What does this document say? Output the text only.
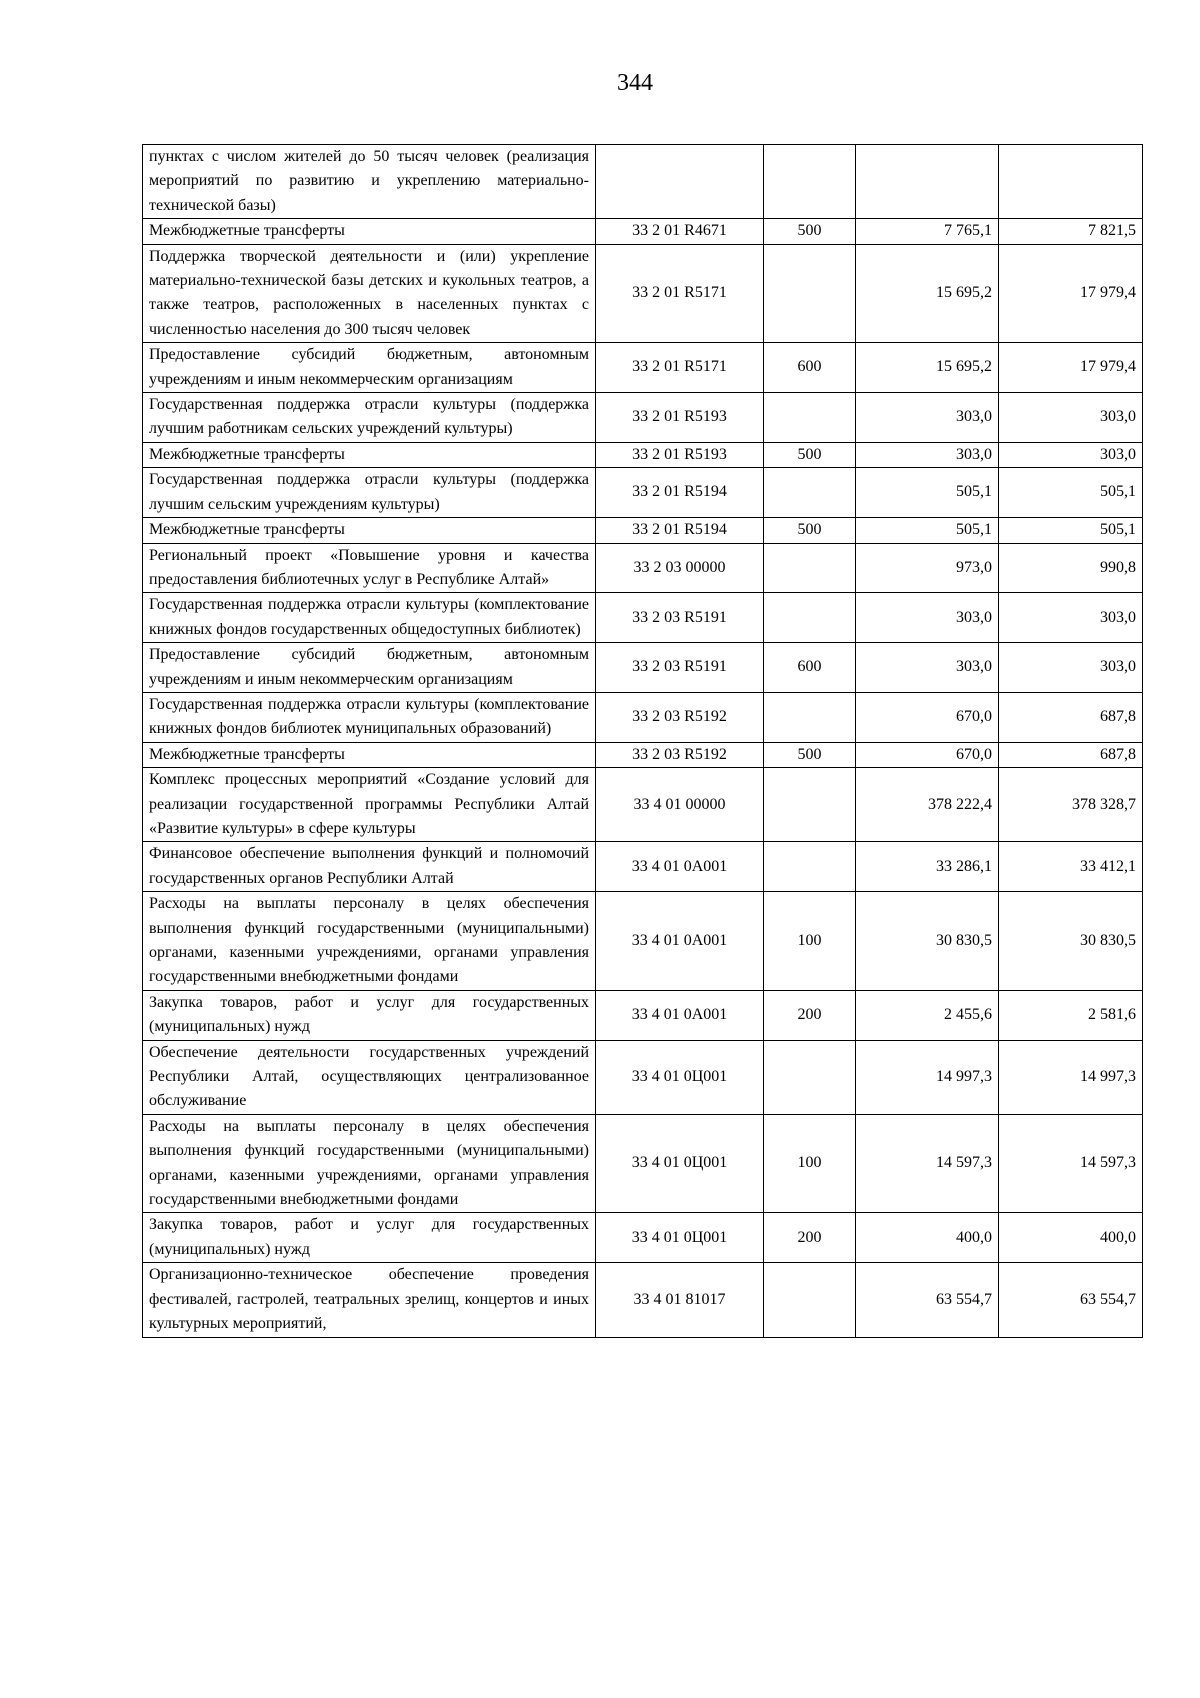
344
пунктах с числом жителей до 50 тысяч человек (реализация мероприятий по развитию и укреплению материально-технической базы)				
Межбюджетные трансферты	33 2 01 R4671	500	7 765,1	7 821,5
Поддержка творческой деятельности и (или) укрепление материально-технической базы детских и кукольных театров, а также театров, расположенных в населенных пунктах с численностью населения до 300 тысяч человек	33 2 01 R5171		15 695,2	17 979,4
Предоставление субсидий бюджетным, автономным учреждениям и иным некоммерческим организациям	33 2 01 R5171	600	15 695,2	17 979,4
Государственная поддержка отрасли культуры (поддержка лучшим работникам сельских учреждений культуры)	33 2 01 R5193		303,0	303,0
Межбюджетные трансферты	33 2 01 R5193	500	303,0	303,0
Государственная поддержка отрасли культуры (поддержка лучшим сельским учреждениям культуры)	33 2 01 R5194		505,1	505,1
Межбюджетные трансферты	33 2 01 R5194	500	505,1	505,1
Региональный проект «Повышение уровня и качества предоставления библиотечных услуг в Республике Алтай»	33 2 03 00000		973,0	990,8
Государственная поддержка отрасли культуры (комплектование книжных фондов государственных общедоступных библиотек)	33 2 03 R5191		303,0	303,0
Предоставление субсидий бюджетным, автономным учреждениям и иным некоммерческим организациям	33 2 03 R5191	600	303,0	303,0
Государственная поддержка отрасли культуры (комплектование книжных фондов библиотек муниципальных образований)	33 2 03 R5192		670,0	687,8
Межбюджетные трансферты	33 2 03 R5192	500	670,0	687,8
Комплекс процессных мероприятий «Создание условий для реализации государственной программы Республики Алтай «Развитие культуры» в сфере культуры	33 4 01 00000		378 222,4	378 328,7
Финансовое обеспечение выполнения функций и полномочий государственных органов Республики Алтай	33 4 01 0А001		33 286,1	33 412,1
Расходы на выплаты персоналу в целях обеспечения выполнения функций государственными (муниципальными) органами, казенными учреждениями, органами управления государственными внебюджетными фондами	33 4 01 0А001	100	30 830,5	30 830,5
Закупка товаров, работ и услуг для государственных (муниципальных) нужд	33 4 01 0А001	200	2 455,6	2 581,6
Обеспечение деятельности государственных учреждений Республики Алтай, осуществляющих централизованное обслуживание	33 4 01 0Ц001		14 997,3	14 997,3
Расходы на выплаты персоналу в целях обеспечения выполнения функций государственными (муниципальными) органами, казенными учреждениями, органами управления государственными внебюджетными фондами	33 4 01 0Ц001	100	14 597,3	14 597,3
Закупка товаров, работ и услуг для государственных (муниципальных) нужд	33 4 01 0Ц001	200	400,0	400,0
Организационно-техническое обеспечение проведения фестивалей, гастролей, театральных зрелищ, концертов и иных культурных мероприятий,	33 4 01 81017		63 554,7	63 554,7
